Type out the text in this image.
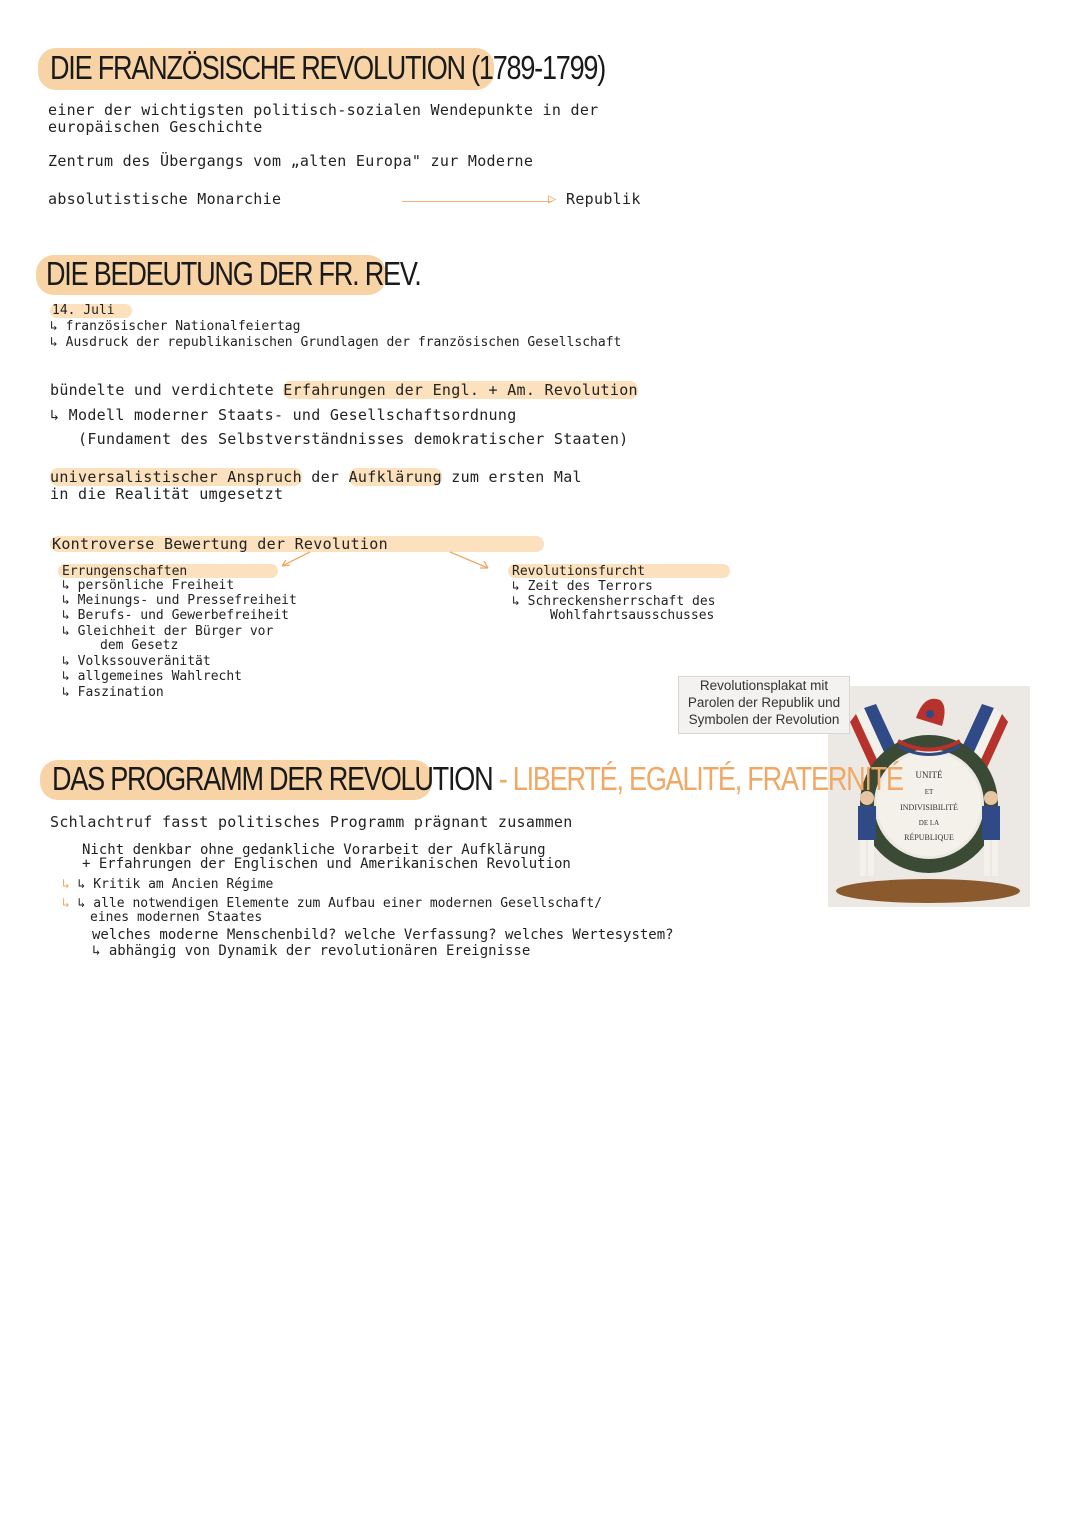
DIE FRANZÖSISCHE REVOLUTION (1789-1799)
einer der wichtigsten politisch-sozialen Wendepunkte in der
europäischen Geschichte
Zentrum des Übergangs vom „alten Europa" zur Moderne
absolutistische Monarchie	▷ Republik
DIE BEDEUTUNG DER FR. REV.
14. Juli
↳ französischer Nationalfeiertag
↳ Ausdruck der republikanischen Grundlagen der französischen Gesellschaft
bündelte und verdichtete Erfahrungen der Engl. + Am. Revolution
↳ Modell moderner Staats- und Gesellschaftsordnung
(Fundament des Selbstverständnisses demokratischer Staaten)
universalistischer Anspruch der Aufklärung zum ersten Mal
in die Realität umgesetzt
Kontroverse Bewertung der Revolution
Errungenschaften
↳ persönliche Freiheit
↳ Meinungs- und Pressefreiheit
↳ Berufs- und Gewerbefreiheit
↳ Gleichheit der Bürger vor
dem Gesetz
↳ Volkssouveränität
↳ allgemeines Wahlrecht
↳ Faszination
Revolutionsfurcht
↳ Zeit des Terrors
↳ Schreckensherrschaft des
Wohlfahrtsausschusses
UNITÉ
ET
INDIVISIBILITÉ
DE LA
RÉPUBLIQUE
Revolutionsplakat mit
Parolen der Republik und
Symbolen der Revolution
DAS PROGRAMM DER REVOLUTION - LIBERTÉ, EGALITÉ, FRATERNITÉ
Schlachtruf fasst politisches Programm prägnant zusammen
Nicht denkbar ohne gedankliche Vorarbeit der Aufklärung
+ Erfahrungen der Englischen und Amerikanischen Revolution
↳ ↳ Kritik am Ancien Régime
↳ ↳ alle notwendigen Elemente zum Aufbau einer modernen Gesellschaft/
eines modernen Staates
welches moderne Menschenbild? welche Verfassung? welches Wertesystem?
↳ abhängig von Dynamik der revolutionären Ereignisse
